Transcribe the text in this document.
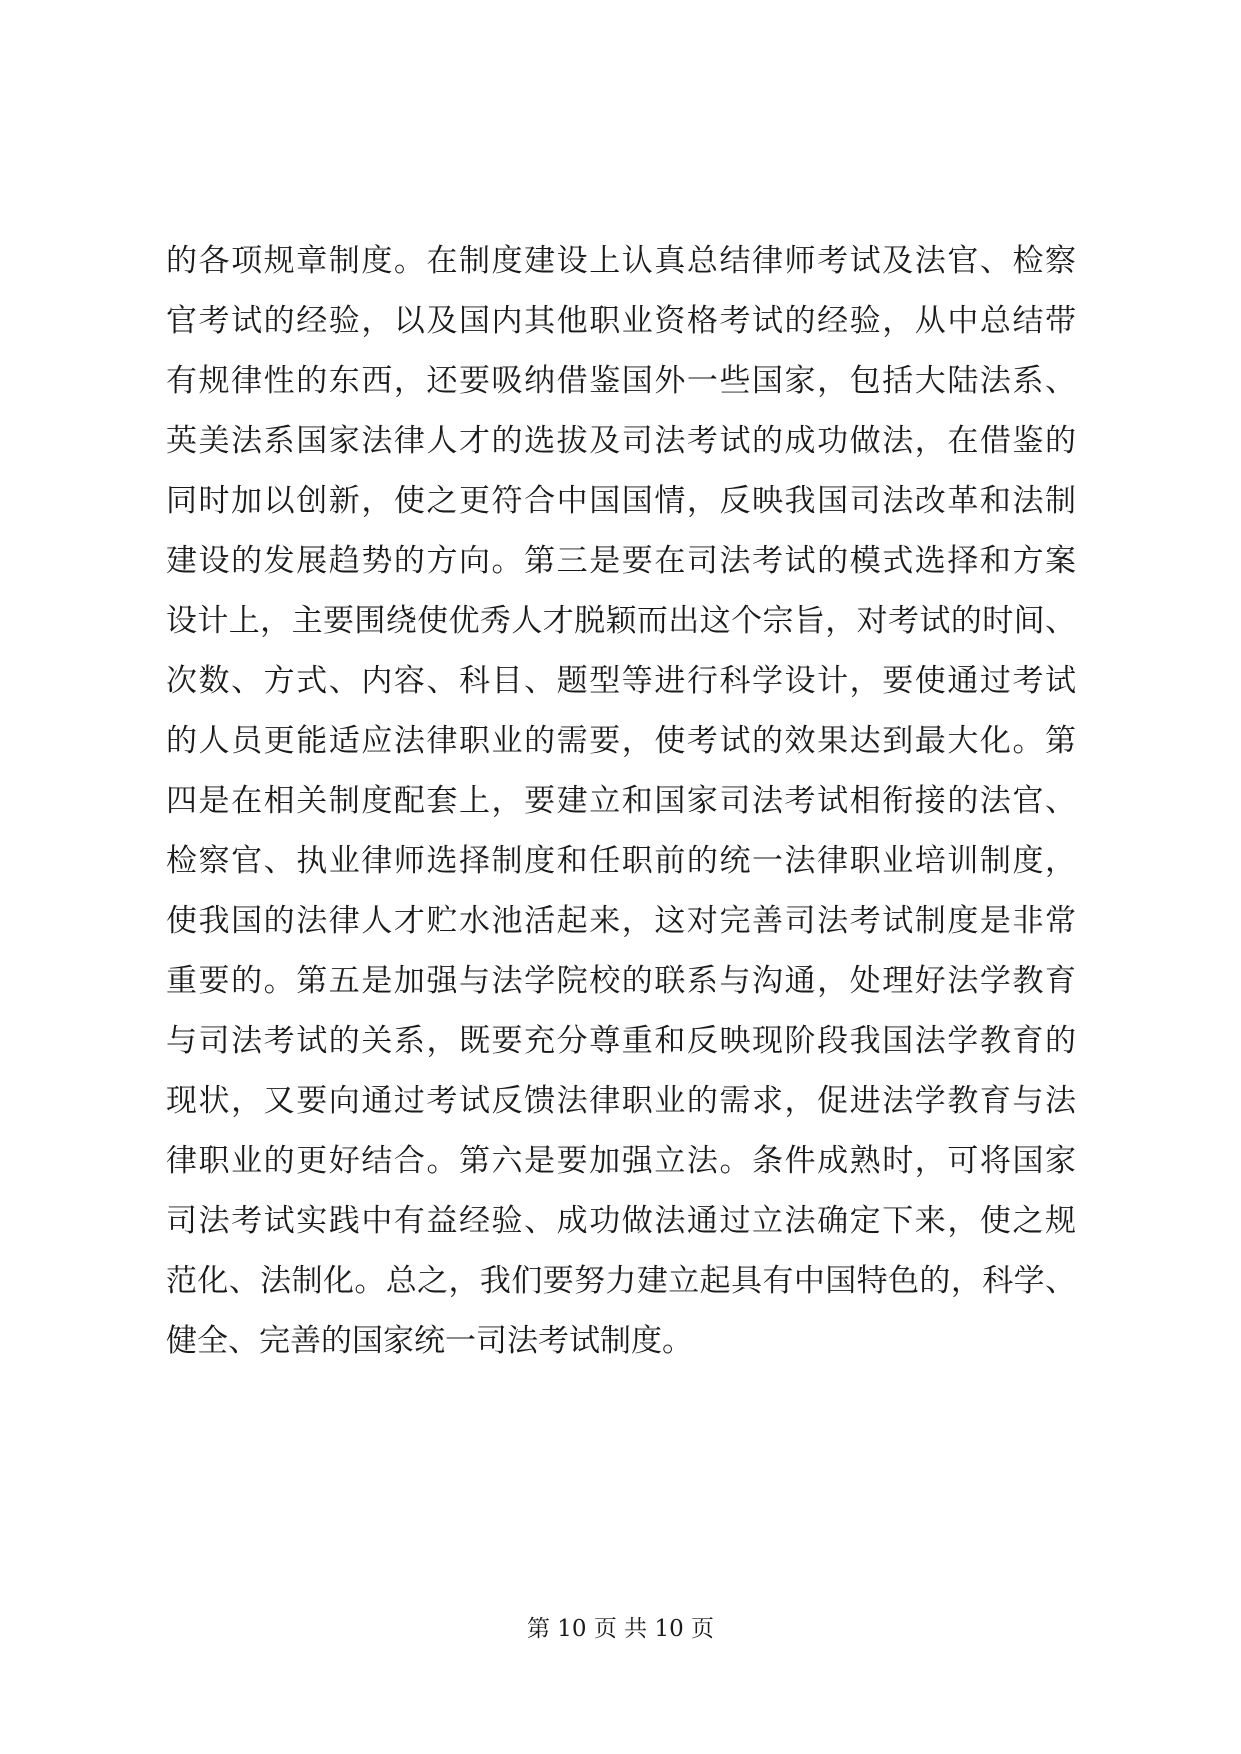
的各项规章制度。在制度建设上认真总结律师考试及法官、检察
官考试的经验，以及国内其他职业资格考试的经验，从中总结带
有规律性的东西，还要吸纳借鉴国外一些国家，包括大陆法系、
英美法系国家法律人才的选拔及司法考试的成功做法，在借鉴的
同时加以创新，使之更符合中国国情，反映我国司法改革和法制
建设的发展趋势的方向。第三是要在司法考试的模式选择和方案
设计上，主要围绕使优秀人才脱颖而出这个宗旨，对考试的时间、
次数、方式、内容、科目、题型等进行科学设计，要使通过考试
的人员更能适应法律职业的需要，使考试的效果达到最大化。第
四是在相关制度配套上，要建立和国家司法考试相衔接的法官、
检察官、执业律师选择制度和任职前的统一法律职业培训制度，
使我国的法律人才贮水池活起来，这对完善司法考试制度是非常
重要的。第五是加强与法学院校的联系与沟通，处理好法学教育
与司法考试的关系，既要充分尊重和反映现阶段我国法学教育的
现状，又要向通过考试反馈法律职业的需求，促进法学教育与法
律职业的更好结合。第六是要加强立法。条件成熟时，可将国家
司法考试实践中有益经验、成功做法通过立法确定下来，使之规
范化、法制化。总之，我们要努力建立起具有中国特色的，科学、
健全、完善的国家统一司法考试制度。
第 10 页 共 10 页
